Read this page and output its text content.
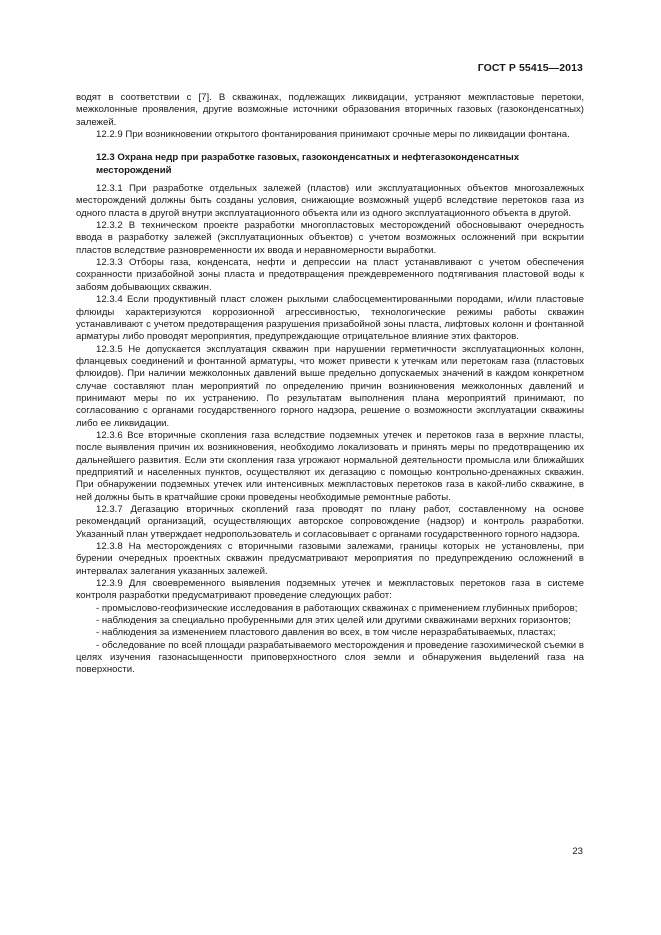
ГОСТ Р 55415—2013

водят в соответствии с [7]. В скважинах, подлежащих ликвидации, устраняют межпластовые перетоки, межколонные проявления, другие возможные источники образования вторичных газовых (газоконденсатных) залежей.

12.2.9 При возникновении открытого фонтанирования принимают срочные меры по ликвидации фонтана.

12.3 Охрана недр при разработке газовых, газоконденсатных и нефтегазоконденсатных месторождений

12.3.1 При разработке отдельных залежей (пластов) или эксплуатационных объектов многозалежных месторождений должны быть созданы условия, снижающие возможный ущерб вследствие перетоков газа из одного пласта в другой внутри эксплуатационного объекта или из одного эксплуатационного объекта в другой.

12.3.2 В техническом проекте разработки многопластовых месторождений обосновывают очередность ввода в разработку залежей (эксплуатационных объектов) с учетом возможных осложнений при вскрытии пластов вследствие разновременности их ввода и неравномерности выработки.

12.3.3 Отборы газа, конденсата, нефти и депрессии на пласт устанавливают с учетом обеспечения сохранности призабойной зоны пласта и предотвращения преждевременного подтягивания пластовой воды к забоям добывающих скважин.

12.3.4 Если продуктивный пласт сложен рыхлыми слабосцементированными породами, и/или пластовые флюиды характеризуются коррозионной агрессивностью, технологические режимы работы скважин устанавливают с учетом предотвращения разрушения призабойной зоны пласта, лифтовых колонн и фонтанной арматуры либо проводят мероприятия, предупреждающие отрицательное влияние этих факторов.

12.3.5 Не допускается эксплуатация скважин при нарушении герметичности эксплуатационных колонн, фланцевых соединений и фонтанной арматуры, что может привести к утечкам или перетокам газа (пластовых флюидов). При наличии межколонных давлений выше предельно допускаемых значений в каждом конкретном случае составляют план мероприятий по определению причин возникновения межколонных давлений и принимают меры по их устранению. По результатам выполнения плана мероприятий принимают, по согласованию с органами государственного горного надзора, решение о возможности эксплуатации скважины либо ее ликвидации.

12.3.6 Все вторичные скопления газа вследствие подземных утечек и перетоков газа в верхние пласты, после выявления причин их возникновения, необходимо локализовать и принять меры по предотвращению их дальнейшего развития. Если эти скопления газа угрожают нормальной деятельности промысла или ближайших предприятий и населенных пунктов, осуществляют их дегазацию с помощью контрольно-дренажных скважин. При обнаружении подземных утечек или интенсивных межпластовых перетоков газа в какой-либо скважине, в ней должны быть в кратчайшие сроки проведены необходимые ремонтные работы.

12.3.7 Дегазацию вторичных скоплений газа проводят по плану работ, составленному на основе рекомендаций организаций, осуществляющих авторское сопровождение (надзор) и контроль разработки. Указанный план утверждает недропользователь и согласовывает с органами государственного горного надзора.

12.3.8 На месторождениях с вторичными газовыми залежами, границы которых не установлены, при бурении очередных проектных скважин предусматривают мероприятия по предупреждению осложнений в интервалах залегания указанных залежей.

12.3.9 Для своевременного выявления подземных утечек и межпластовых перетоков газа в системе контроля разработки предусматривают проведение следующих работ:

- промыслово-геофизические исследования в работающих скважинах с применением глубинных приборов;

- наблюдения за специально пробуренными для этих целей или другими скважинами верхних горизонтов;

- наблюдения за изменением пластового давления во всех, в том числе неразрабатываемых, пластах;

- обследование по всей площади разрабатываемого месторождения и проведение газохимической съемки в целях изучения газонасыщенности приповерхностного слоя земли и обнаружения выделений газа на поверхности.

23
